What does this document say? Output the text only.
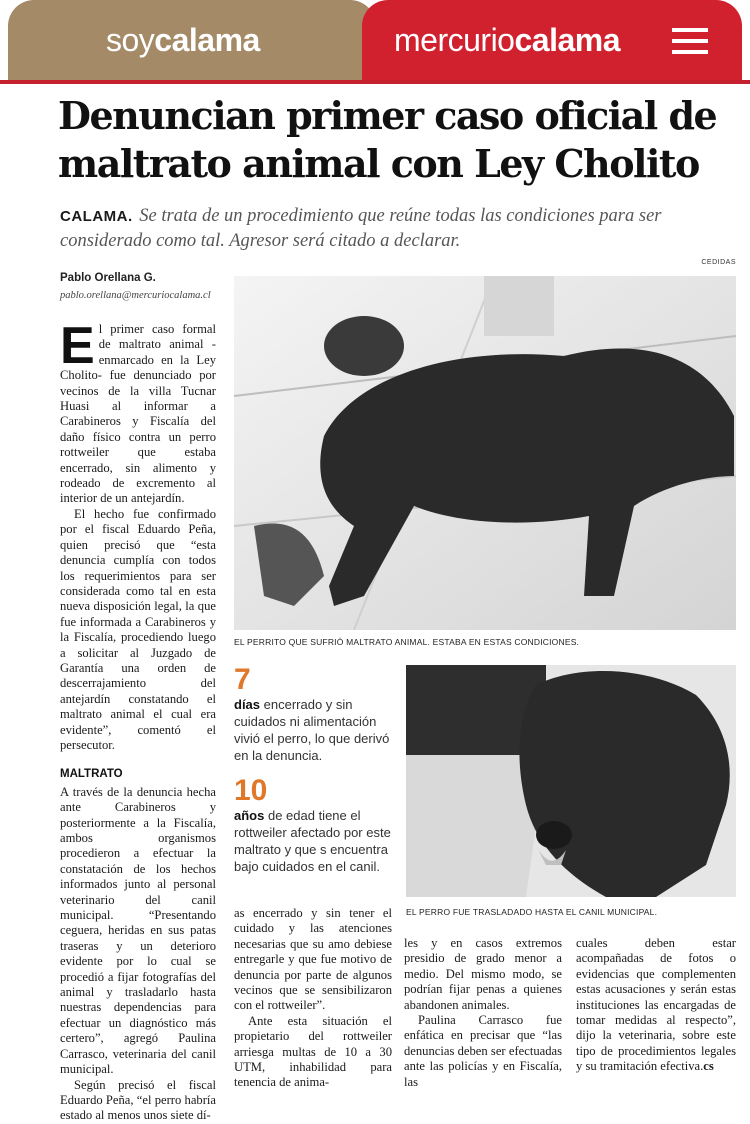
soycalama	mercuriocalama
Denuncian primer caso oficial de
maltrato animal con Ley Cholito
CALAMA. Se trata de un procedimiento que reúne todas las condiciones para ser considerado como tal. Agresor será citado a declarar.
CEDIDAS
Pablo Orellana G.
pablo.orellana@mercuriocalama.cl

El primer caso formal de maltrato animal -enmarcado en la Ley Cholito- fue denunciado por vecinos de la villa Tucnar Huasi al informar a Carabineros y Fiscalía del daño físico contra un perro rottweiler que estaba encerrado, sin alimento y rodeado de excremento al interior de un antejardín.

El hecho fue confirmado por el fiscal Eduardo Peña, quien precisó que “esta denuncia cumplía con todos los requerimientos para ser considerada como tal en esta nueva disposición legal, la que fue informada a Carabineros y la Fiscalía, procediendo luego a solicitar al Juzgado de Garantía una orden de descerrajamiento del antejardín constatando el maltrato animal el cual era evidente”, comentó el persecutor.

MALTRATO

A través de la denuncia hecha ante Carabineros y posteriormente a la Fiscalía, ambos organismos procedieron a efectuar la constatación de los hechos informados junto al personal veterinario del canil municipal. “Presentando ceguera, heridas en sus patas traseras y un deterioro evidente por lo cual se procedió a fijar fotografías del animal y trasladarlo hasta nuestras dependencias para efectuar un diagnóstico más certero”, agregó Paulina Carrasco, veterinaria del canil municipal.

Según precisó el fiscal Eduardo Peña, “el perro habría estado al menos unos siete dí-

EL PERRITO QUE SUFRIÓ MALTRATO ANIMAL. ESTABA EN ESTAS CONDICIONES.
7
días encerrado y sin cuidados ni alimentación vivió el perro, lo que derivó en la denuncia.
10
años de edad tiene el rottweiler afectado por este maltrato y que s encuentra bajo cuidados en el canil.
EL PERRO FUE TRASLADADO HASTA EL CANIL MUNICIPAL.

as encerrado y sin tener el cuidado y las atenciones necesarias que su amo debiese entregarle y que fue motivo de denuncia por parte de algunos vecinos que se sensibilizaron con el rottweiler”.

Ante esta situación el propietario del rottweiler arriesga multas de 10 a 30 UTM, inhabilidad para tenencia de anima-

les y en casos extremos presidio de grado menor a medio. Del mismo modo, se podrían fijar penas a quienes abandonen animales.

Paulina Carrasco fue enfática en precisar que “las denuncias deben ser efectuadas ante las policías y en Fiscalía, las

cuales deben estar acompañadas de fotos o evidencias que complementen estas acusaciones y serán estas instituciones las encargadas de tomar medidas al respecto”, dijo la veterinaria, sobre este tipo de procedimientos legales y su tramitación efectiva.cs
